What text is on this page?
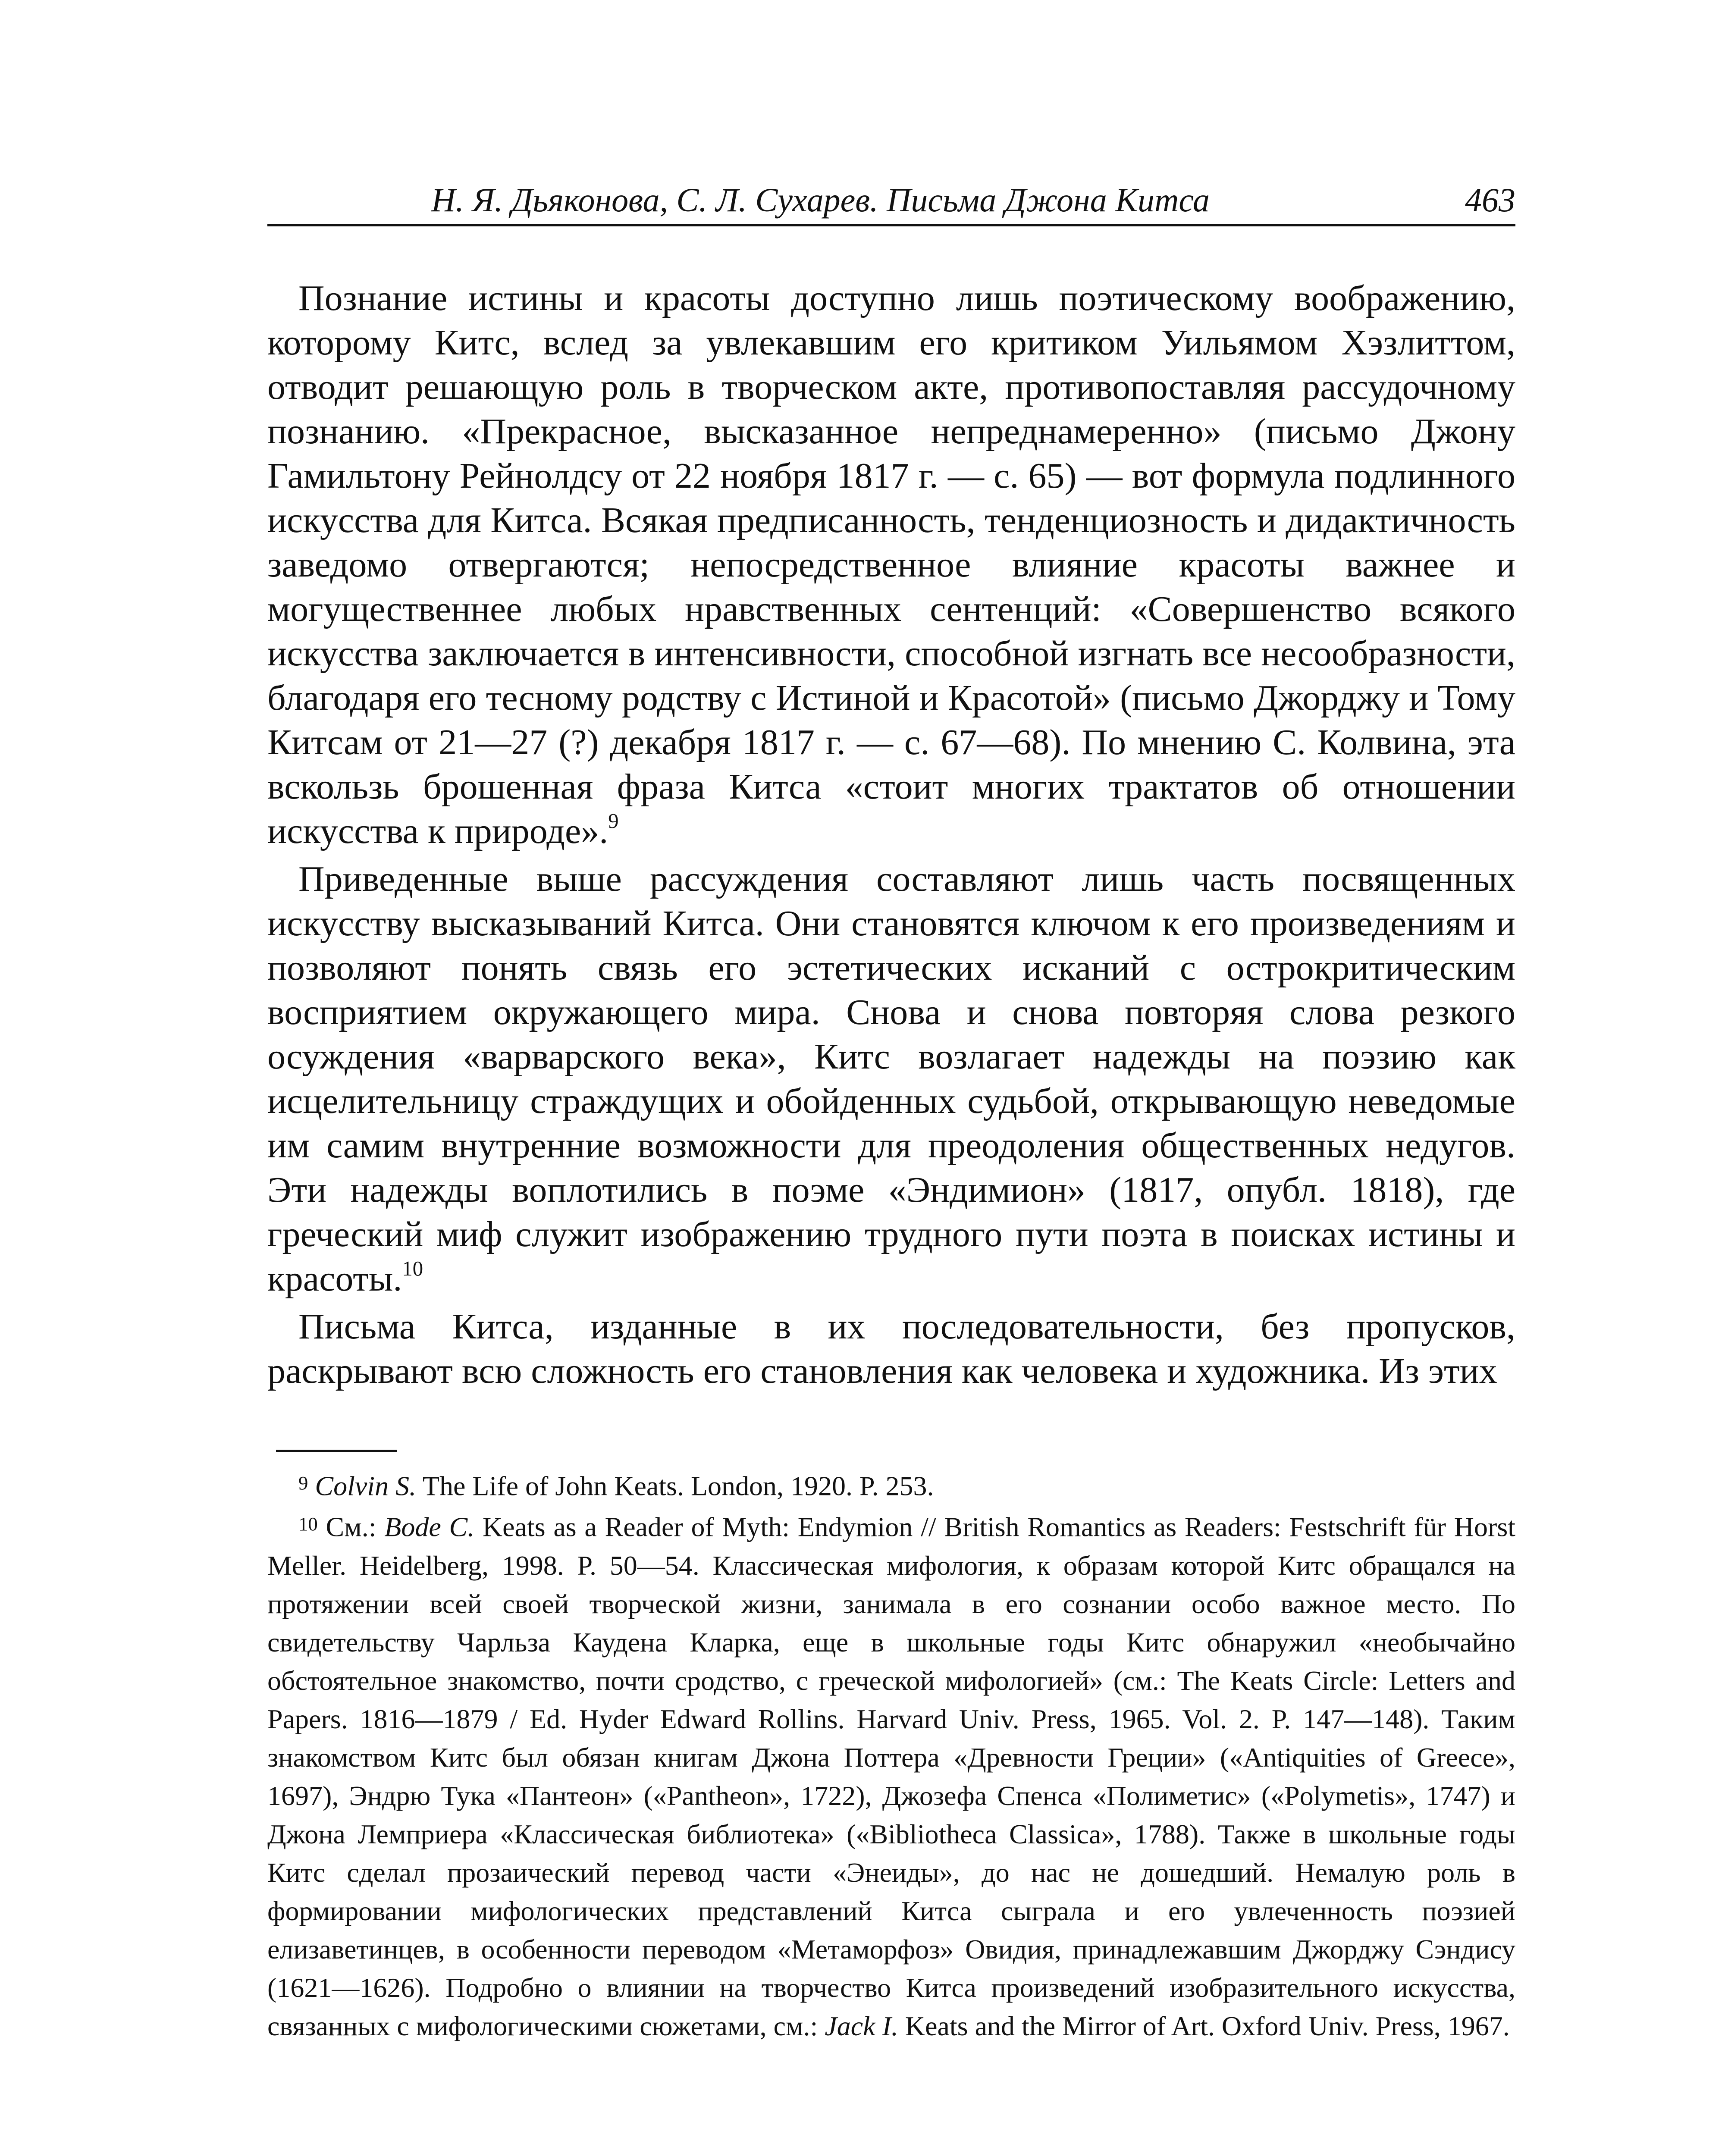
Н. Я. Дьяконова, С. Л. Сухарев. Письма Джона Китса	463

Познание истины и красоты доступно лишь поэтическому воображению, которому Китс, вслед за увлекавшим его критиком Уильямом Хэзлиттом, отводит решающую роль в творческом акте, противопоставляя рассудочному познанию. «Прекрасное, высказанное непреднамеренно» (письмо Джону Гамильтону Рейнолдсу от 22 ноября 1817 г. — с. 65) — вот формула подлинного искусства для Китса. Всякая предписанность, тенденциозность и дидактичность заведомо отвергаются; непосредственное влияние красоты важнее и могущественнее любых нравственных сентенций: «Совершенство всякого искусства заключается в интенсивности, способной изгнать все несообразности, благодаря его тесному родству с Истиной и Красотой» (письмо Джорджу и Тому Китсам от 21—27 (?) декабря 1817 г. — с. 67—68). По мнению С. Колвина, эта вскользь брошенная фраза Китса «стоит многих трактатов об отношении искусства к природе».$^9$

Приведенные выше рассуждения составляют лишь часть посвященных искусству высказываний Китса. Они становятся ключом к его произведениям и позволяют понять связь его эстетических исканий с острокритическим восприятием окружающего мира. Снова и снова повторяя слова резкого осуждения «варварского века», Китс возлагает надежды на поэзию как исцелительницу страждущих и обойденных судьбой, открывающую неведомые им самим внутренние возможности для преодоления общественных недугов. Эти надежды воплотились в поэме «Эндимион» (1817, опубл. 1818), где греческий миф служит изображению трудного пути поэта в поисках истины и красоты.$^{10}$

Письма Китса, изданные в их последовательности, без пропусков, раскрывают всю сложность его становления как человека и художника. Из этих

$^9$ Colvin S. The Life of John Keats. London, 1920. P. 253.

$^{10}$ См.: Bode C. Keats as a Reader of Myth: Endymion // British Romantics as Readers: Festschrift für Horst Meller. Heidelberg, 1998. P. 50—54. Классическая мифология, к образам которой Китс обращался на протяжении всей своей творческой жизни, занимала в его сознании особо важное место. По свидетельству Чарльза Каудена Кларка, еще в школьные годы Китс обнаружил «необычайно обстоятельное знакомство, почти сродство, с греческой мифологией» (см.: The Keats Circle: Letters and Papers. 1816—1879 / Ed. Hyder Edward Rollins. Harvard Univ. Press, 1965. Vol. 2. P. 147—148). Таким знакомством Китс был обязан книгам Джона Поттера «Древности Греции» («Antiquities of Greece», 1697), Эндрю Тука «Пантеон» («Pantheon», 1722), Джозефа Спенса «Полиметис» («Polymetis», 1747) и Джона Лемприера «Классическая библиотека» («Bibliotheca Classica», 1788). Также в школьные годы Китс сделал прозаический перевод части «Энеиды», до нас не дошедший. Немалую роль в формировании мифологических представлений Китса сыграла и его увлеченность поэзией елизаветинцев, в особенности переводом «Метаморфоз» Овидия, принадлежавшим Джорджу Сэндису (1621—1626). Подробно о влиянии на творчество Китса произведений изобразительного искусства, связанных с мифологическими сюжетами, см.: Jack I. Keats and the Mirror of Art. Oxford Univ. Press, 1967.
